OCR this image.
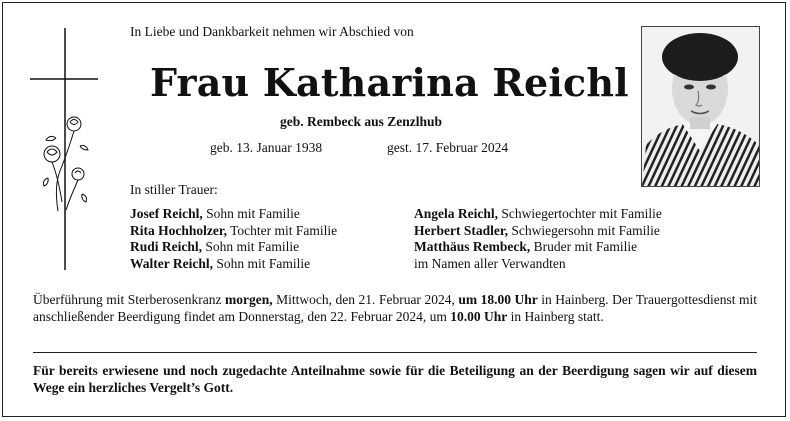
In Liebe und Dankbarkeit nehmen wir Abschied von
Frau Katharina Reichl
geb. Rembeck aus Zenzlhub
geb. 13. Januar 1938	gest. 17. Februar 2024
In stiller Trauer:
Josef Reichl, Sohn mit Familie
Rita Hochholzer, Tochter mit Familie
Rudi Reichl, Sohn mit Familie
Walter Reichl, Sohn mit Familie
Angela Reichl, Schwiegertochter mit Familie
Herbert Stadler, Schwiegersohn mit Familie
Matthäus Rembeck, Bruder mit Familie
im Namen aller Verwandten
Überführung mit Sterberosenkranz morgen, Mittwoch, den 21. Februar 2024, um 18.00 Uhr in Hainberg. Der Trauergottesdienst mit anschließender Beerdigung findet am Donnerstag, den 22. Februar 2024, um 10.00 Uhr in Hainberg statt.
Für bereits erwiesene und noch zugedachte Anteilnahme sowie für die Beteiligung an der Beerdigung sagen wir auf diesem Wege ein herzliches Vergelt’s Gott.
